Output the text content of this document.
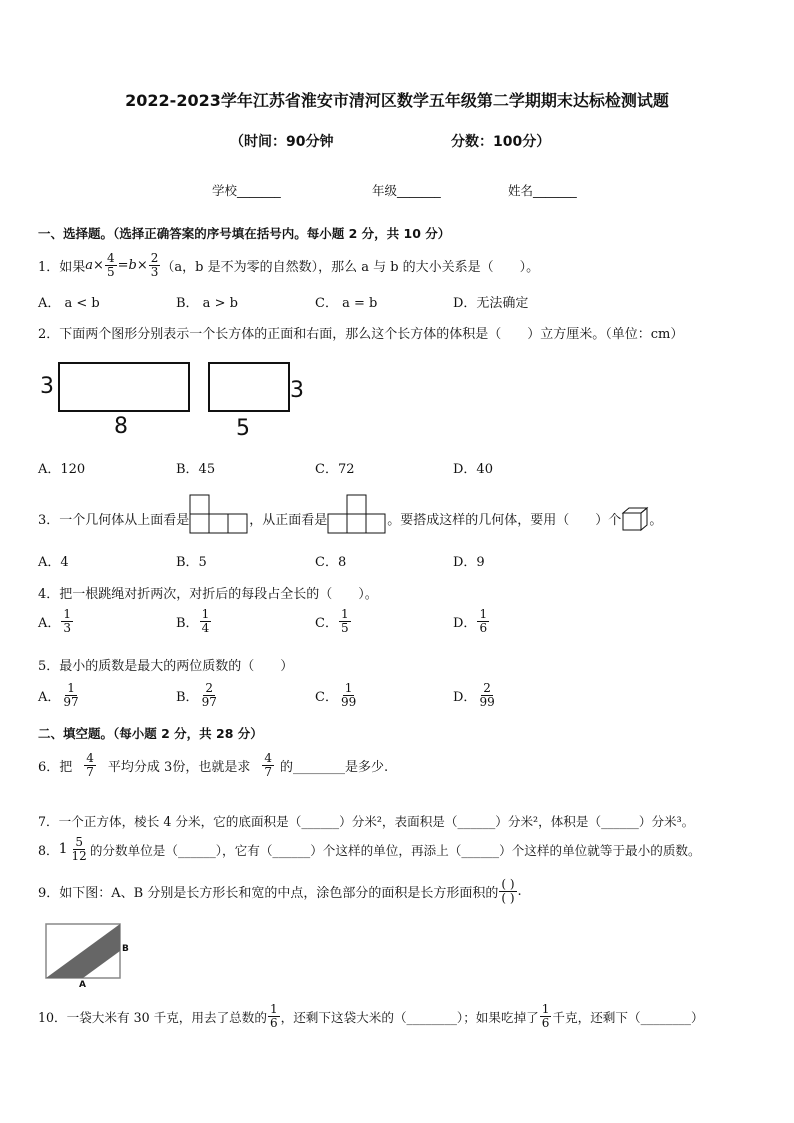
2022-2023学年江苏省淮安市清河区数学五年级第二学期期末达标检测试题
（时间：90分钟	分数：100分）
学校_______	年级_______	姓名_______
一、选择题。（选择正确答案的序号填在括号内。每小题 2 分，共 10 分）
1．如果 $a \times \frac{4}{5} = b \times \frac{2}{3} (a$，b 是不为零的自然数），那么 a 与 b 的大小关系是（　　）。
A． a < b	B． a > b	C． a = b	D．无法确定
2．下面两个图形分别表示一个长方体的正面和右面，那么这个长方体的体积是（　　）立方厘米。（单位：cm）
3
8
3
5
A．120	B．45	C．72	D．40
3．一个几何体从上面看是	，从正面看是	。要搭成这样的几何体，要用（　　）个 。
A．4	B．5	C．8	D．9
4．把一根跳绳对折两次，对折后的每段占全长的（　　）。
A． $\frac{1}{3}$	B． $\frac{1}{4}$	C． $\frac{1}{5}$	D． $\frac{1}{6}$
5．最小的质数是最大的两位质数的（　　）
A． $\frac{1}{97}$	B． $\frac{2}{97}$	C． $\frac{1}{99}$	D． $\frac{2}{99}$
二、填空题。（每小题 2 分，共 28 分）
6．把 $\frac{4}{7}$ 平均分成 3份，也就是求 $\frac{4}{7}$ 的________是多少.
7．一个正方体，棱长 4 分米，它的底面积是（______）分米²，表面积是（______）分米²，体积是（______）分米³。
8． $1 \frac{5}{12}$ 的分数单位是（______），它有（______）个这样的单位，再添上（______）个这样的单位就等于最小的质数。
9．如下图：A、B 分别是长方形长和宽的中点，涂色部分的面积是长方形面积的 $\frac{( )}{( )}$ .
B
A
10．一袋大米有 30 千克，用去了总数的 $\frac{1}{6}$ ，还剩下这袋大米的（________）；如果吃掉了 $\frac{1}{6}$ 千克，还剩下（________）
